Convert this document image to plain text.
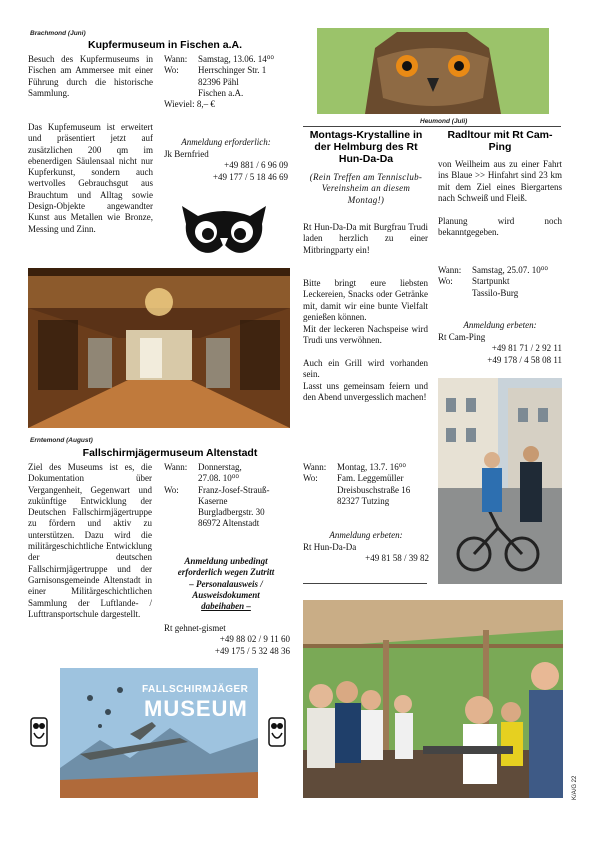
Brachmond (Juni)
Kupfermuseum in Fischen a.A.
Besuch des Kupfermuseums in Fischen am Ammersee mit einer Führung durch die historische Sammlung.
Das Kupfemuseum ist erweitert und präsentiert jetzt auf zusätzlichen 200 qm im ebenerdigen Säulensaal nicht nur Kupferkunst, sondern auch wertvolles Gebrauchsgut aus Brauchtum und Alltag sowie Design-Objekte angewandter Kunst aus Metallen wie Bronze, Messing und Zinn.
Wann:	Samstag, 13.06. 14⁰⁰
Wo:	Herrschinger Str. 1
82396 Pähl
Fischen a.A.
Wieviel: 8,– €
Anmeldung erforderlich:
Jk Bernfried
+49 881 / 6 96 09
+49 177 / 5 18 46 69
Erntemond (August)
Fallschirmjägermuseum Altenstadt
Ziel des Museums ist es, die Dokumentation über Vergangenheit, Gegenwart und zukünftige Entwicklung der Deutschen Fallschirmjägertruppe zu fördern und aktiv zu unterstützen. Dazu wird die militärgeschichtliche Entwicklung der deutschen Fallschirmjägertruppe und der Garnisonsgemeinde Altenstadt in einer Militärgeschichtlichen Sammlung der Luftlande- / Lufttransportschule dargestellt.
Wann:	Donnerstag,
27.08. 10⁰⁰
Wo:	Franz-Josef-Strauß-
Kaserne
Burgladbergstr. 30
86972 Altenstadt
Anmeldung unbedingt
erforderlich wegen Zutritt
– Personalausweis /
Ausweisdokument
dabeihaben –
Rt gehnet-gismet
+49 88 02 / 9 11 60
+49 175 / 5 32 48 36
FALLSCHIRMJÄGER
MUSEUM
Heumond (Juli)
Montags-Krystalline in der Helmburg des Rt Hun-Da-Da
(Rein Treffen am Tennisclub-Vereinsheim an diesem Montag!)
Rt Hun-Da-Da mit Burgfrau Trudi laden herzlich zu einer Mitbringparty ein!
Bitte bringt eure liebsten Leckereien, Snacks oder Getränke mit, damit wir eine bunte Vielfalt genießen können.
Mit der leckeren Nachspeise wird Trudi uns verwöhnen.
Auch ein Grill wird vorhanden sein.
Lasst uns gemeinsam feiern und den Abend unvergesslich machen!
Wann:	Montag, 13.7. 16⁰⁰
Wo:	Fam. Leggemüller
Dreisbuschstraße 16
82327 Tutzing
Anmeldung erbeten:
Rt Hun-Da-Da
+49 81 58 / 39 82
Radltour mit Rt Cam-Ping
von Weilheim aus zu einer Fahrt ins Blaue >> Hinfahrt sind 23 km mit dem Ziel eines Biergartens nach Schweiß und Fleiß.
Planung wird noch bekanntgegeben.
Wann:	Samstag, 25.07. 10⁰⁰
Wo:	Startpunkt
Tassilo-Burg
Anmeldung erbeten:
Rt Cam-Ping
+49 81 71 / 2 92 11
+49 178 / 4 58 08 11
K/A/G 22
